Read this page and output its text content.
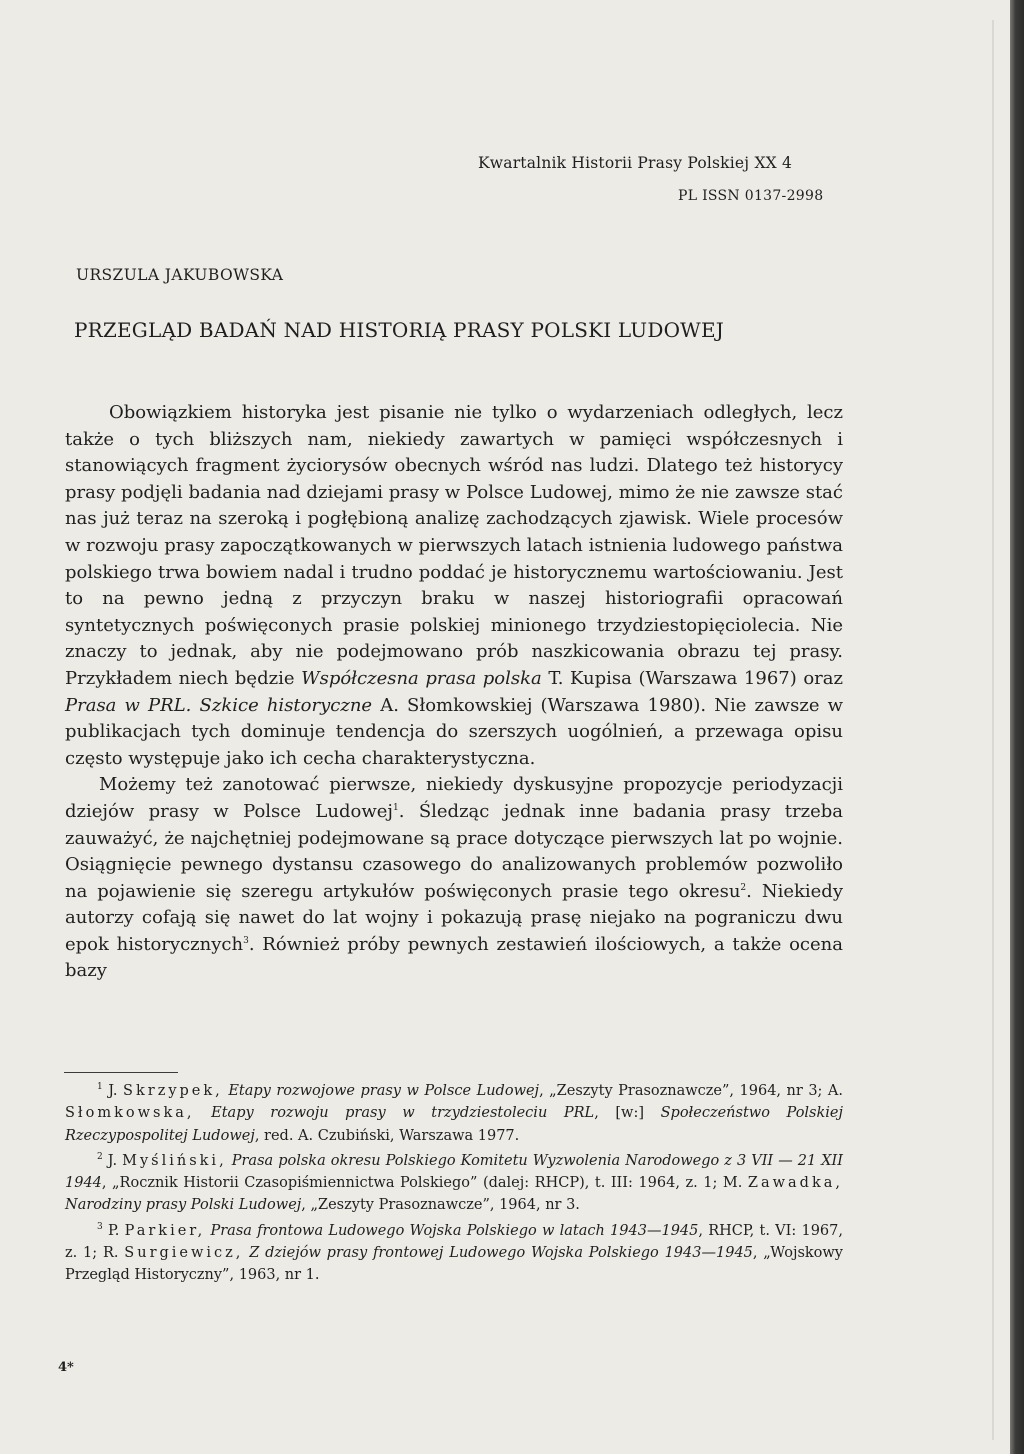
Kwartalnik Historii Prasy Polskiej XX 4
PL ISSN 0137-2998
URSZULA JAKUBOWSKA
PRZEGLĄD BADAŃ NAD HISTORIĄ PRASY POLSKI LUDOWEJ

Obowiązkiem historyka jest pisanie nie tylko o wydarzeniach odległych, lecz także o tych bliższych nam, niekiedy zawartych w pamięci współczesnych i stanowiących fragment życiorysów obecnych wśród nas ludzi. Dlatego też historycy prasy podjęli badania nad dziejami prasy w Polsce Ludowej, mimo że nie zawsze stać nas już teraz na szeroką i pogłębioną analizę zachodzących zjawisk. Wiele procesów w rozwoju prasy zapoczątkowanych w pierwszych latach istnienia ludowego państwa polskiego trwa bowiem nadal i trudno poddać je historycznemu wartościowaniu. Jest to na pewno jedną z przyczyn braku w naszej historiografii opracowań syntetycznych poświęconych prasie polskiej minionego trzydziestopięciolecia. Nie znaczy to jednak, aby nie podejmowano prób naszkicowania obrazu tej prasy. Przykładem niech będzie Współczesna prasa polska T. Kupisa (Warszawa 1967) oraz Prasa w PRL. Szkice historyczne A. Słomkowskiej (Warszawa 1980). Nie zawsze w publikacjach tych dominuje tendencja do szerszych uogólnień, a przewaga opisu często występuje jako ich cecha charakterystyczna.

Możemy też zanotować pierwsze, niekiedy dyskusyjne propozycje periodyzacji dziejów prasy w Polsce Ludowej$^1$. Śledząc jednak inne badania prasy trzeba zauważyć, że najchętniej podejmowane są prace dotyczące pierwszych lat po wojnie. Osiągnięcie pewnego dystansu czasowego do analizowanych problemów pozwoliło na pojawienie się szeregu artykułów poświęconych prasie tego okresu$^2$. Niekiedy autorzy cofają się nawet do lat wojny i pokazują prasę niejako na pograniczu dwu epok historycznych$^3$. Również próby pewnych zestawień ilościowych, a także ocena bazy

$^1$ J. Skrzypek, Etapy rozwojowe prasy w Polsce Ludowej, „Zeszyty Prasoznawcze”, 1964, nr 3; A. Słomkowska, Etapy rozwoju prasy w trzydziestoleciu PRL, [w:] Społeczeństwo Polskiej Rzeczypospolitej Ludowej, red. A. Czubiński, Warszawa 1977.

$^2$ J. Myśliński, Prasa polska okresu Polskiego Komitetu Wyzwolenia Narodowego z 3 VII — 21 XII 1944, „Rocznik Historii Czasopiśmiennictwa Polskiego” (dalej: RHCP), t. III: 1964, z. 1; M. Zawadka, Narodziny prasy Polski Ludowej, „Zeszyty Prasoznawcze”, 1964, nr 3.

$^3$ P. Parkier, Prasa frontowa Ludowego Wojska Polskiego w latach 1943—1945, RHCP, t. VI: 1967, z. 1; R. Surgiewicz, Z dziejów prasy frontowej Ludowego Wojska Polskiego 1943—1945, „Wojskowy Przegląd Historyczny”, 1963, nr 1.

4*
